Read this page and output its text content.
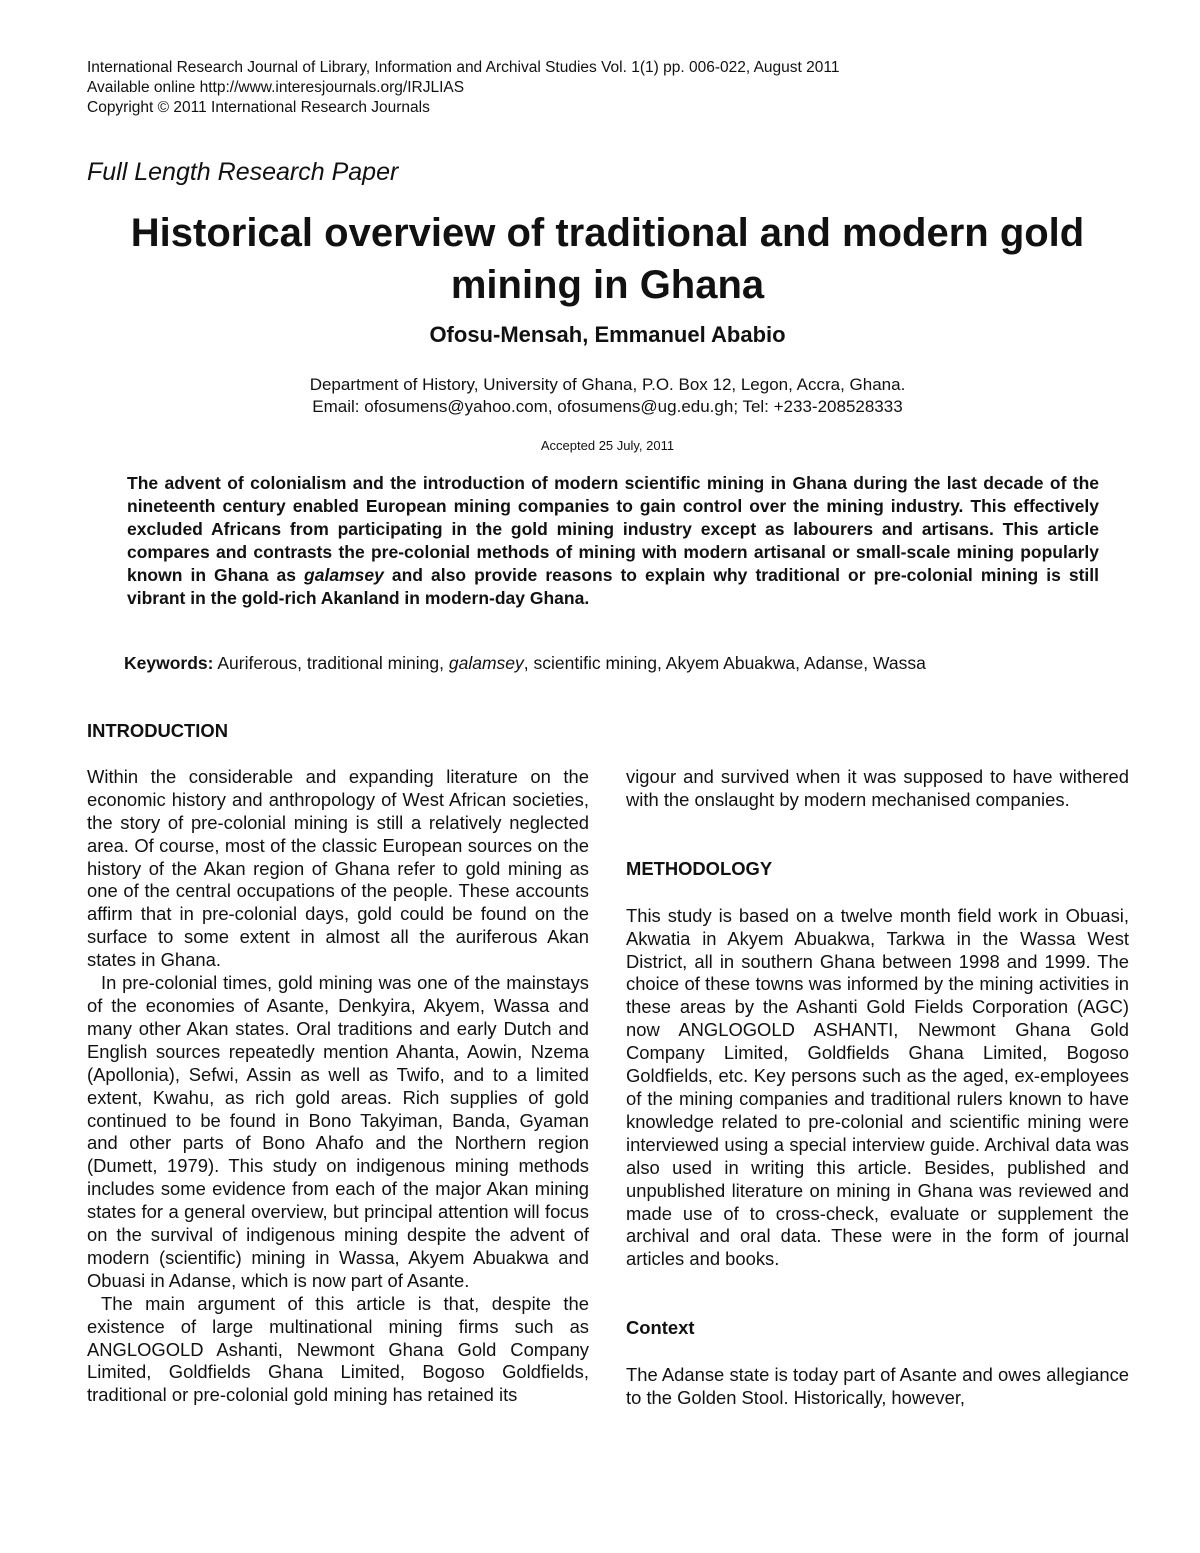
International Research Journal of Library, Information and Archival Studies Vol. 1(1) pp. 006-022, August 2011
Available online http://www.interesjournals.org/IRJLIAS
Copyright © 2011 International Research Journals
Full Length Research Paper
Historical overview of traditional and modern gold
mining in Ghana
Ofosu-Mensah, Emmanuel Ababio
Department of History, University of Ghana, P.O. Box 12, Legon, Accra, Ghana.
Email: ofosumens@yahoo.com, ofosumens@ug.edu.gh; Tel: +233-208528333
Accepted 25 July, 2011
The advent of colonialism and the introduction of modern scientific mining in Ghana during the last decade of the nineteenth century enabled European mining companies to gain control over the mining industry. This effectively excluded Africans from participating in the gold mining industry except as labourers and artisans. This article compares and contrasts the pre-colonial methods of mining with modern artisanal or small-scale mining popularly known in Ghana as galamsey and also provide reasons to explain why traditional or pre-colonial mining is still vibrant in the gold-rich Akanland in modern-day Ghana.
Keywords: Auriferous, traditional mining, galamsey, scientific mining, Akyem Abuakwa, Adanse, Wassa
INTRODUCTION

Within the considerable and expanding literature on the economic history and anthropology of West African societies, the story of pre-colonial mining is still a relatively neglected area. Of course, most of the classic European sources on the history of the Akan region of Ghana refer to gold mining as one of the central occupations of the people. These accounts affirm that in pre-colonial days, gold could be found on the surface to some extent in almost all the auriferous Akan states in Ghana.

In pre-colonial times, gold mining was one of the mainstays of the economies of Asante, Denkyira, Akyem, Wassa and many other Akan states. Oral traditions and early Dutch and English sources repeatedly mention Ahanta, Aowin, Nzema (Apollonia), Sefwi, Assin as well as Twifo, and to a limited extent, Kwahu, as rich gold areas. Rich supplies of gold continued to be found in Bono Takyiman, Banda, Gyaman and other parts of Bono Ahafo and the Northern region (Dumett, 1979). This study on indigenous mining methods includes some evidence from each of the major Akan mining states for a general overview, but principal attention will focus on the survival of indigenous mining despite the advent of modern (scientific) mining in Wassa, Akyem Abuakwa and Obuasi in Adanse, which is now part of Asante.

The main argument of this article is that, despite the existence of large multinational mining firms such as ANGLOGOLD Ashanti, Newmont Ghana Gold Company Limited, Goldfields Ghana Limited, Bogoso Goldfields, traditional or pre-colonial gold mining has retained its

vigour and survived when it was supposed to have withered with the onslaught by modern mechanised companies.

METHODOLOGY

This study is based on a twelve month field work in Obuasi, Akwatia in Akyem Abuakwa, Tarkwa in the Wassa West District, all in southern Ghana between 1998 and 1999. The choice of these towns was informed by the mining activities in these areas by the Ashanti Gold Fields Corporation (AGC) now ANGLOGOLD ASHANTI, Newmont Ghana Gold Company Limited, Goldfields Ghana Limited, Bogoso Goldfields, etc. Key persons such as the aged, ex-employees of the mining companies and traditional rulers known to have knowledge related to pre-colonial and scientific mining were interviewed using a special interview guide. Archival data was also used in writing this article. Besides, published and unpublished literature on mining in Ghana was reviewed and made use of to cross-check, evaluate or supplement the archival and oral data. These were in the form of journal articles and books.

Context

The Adanse state is today part of Asante and owes allegiance to the Golden Stool. Historically, however,
